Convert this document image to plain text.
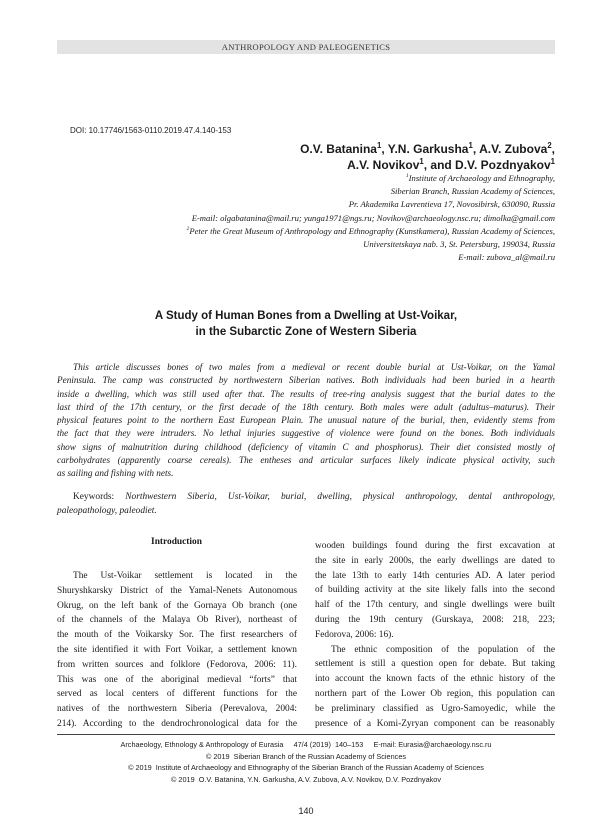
ANTHROPOLOGY AND PALEOGENETICS
DOI: 10.17746/1563-0110.2019.47.4.140-153
O.V. Batanina$^1$, Y.N. Garkusha$^1$, A.V. Zubova$^2$,
A.V. Novikov$^1$, and D.V. Pozdnyakov$^1$
$^1$Institute of Archaeology and Ethnography,
Siberian Branch, Russian Academy of Sciences,
Pr. Akademika Lavrentieva 17, Novosibirsk, 630090, Russia
E-mail: olgabatanina@mail.ru; yunga1971@ngs.ru; Novikov@archaeology.nsc.ru; dimolka@gmail.com
$^2$Peter the Great Museum of Anthropology and Ethnography (Kunstkamera), Russian Academy of Sciences,
Universitetskaya nab. 3, St. Petersburg, 199034, Russia
E-mail: zubova_al@mail.ru
A Study of Human Bones from a Dwelling at Ust-Voikar,
in the Subarctic Zone of Western Siberia
This article discusses bones of two males from a medieval or recent double burial at Ust-Voikar, on the Yamal
Peninsula. The camp was constructed by northwestern Siberian natives. Both individuals had been buried in a hearth
inside a dwelling, which was still used after that. The results of tree-ring analysis suggest that the burial dates to the
last third of the 17th century, or the first decade of the 18th century. Both males were adult (adultus–maturus). Their
physical features point to the northern East European Plain. The unusual nature of the burial, then, evidently stems from
the fact that they were intruders. No lethal injuries suggestive of violence were found on the bones. Both individuals
show signs of malnutrition during childhood (deficiency of vitamin C and phosphorus). Their diet consisted mostly of
carbohydrates (apparently coarse cereals). The entheses and articular surfaces likely indicate physical activity, such
as sailing and fishing with nets.
Keywords: Northwestern Siberia, Ust-Voikar, burial, dwelling, physical anthropology, dental anthropology,
paleopathology, paleodiet.
Introduction
The Ust-Voikar settlement is located in the
Shuryshkarsky District of the Yamal-Nenets Autonomous
Okrug, on the left bank of the Gornaya Ob branch (one
of the channels of the Malaya Ob River), northeast of
the mouth of the Voikarsky Sor. The first researchers of
the site identified it with Fort Voikar, a settlement known
from written sources and folklore (Fedorova, 2006: 11).
This was one of the aboriginal medieval “forts” that
served as local centers of different functions for the
natives of the northwestern Siberia (Perevalova, 2004:
214). According to the dendrochronological data for the
wooden buildings found during the first excavation at
the site in early 2000s, the early dwellings are dated to
the late 13th to early 14th centuries AD. A later period
of building activity at the site likely falls into the second
half of the 17th century, and single dwellings were built
during the 19th century (Gurskaya, 2008: 218, 223;
Fedorova, 2006: 16).
The ethnic composition of the population of the
settlement is still a question open for debate. But taking
into account the known facts of the ethnic history of the
northern part of the Lower Ob region, this population can
be preliminary classified as Ugro-Samoyedic, while the
presence of a Komi-Zyryan component can be reasonably
Archaeology, Ethnology & Anthropology of Eurasia     47/4 (2019)  140–153     E-mail: Eurasia@archaeology.nsc.ru
© 2019  Siberian Branch of the Russian Academy of Sciences
© 2019  Institute of Archaeology and Ethnography of the Siberian Branch of the Russian Academy of Sciences
© 2019  O.V. Batanina, Y.N. Garkusha, A.V. Zubova, A.V. Novikov, D.V. Pozdnyakov
140
